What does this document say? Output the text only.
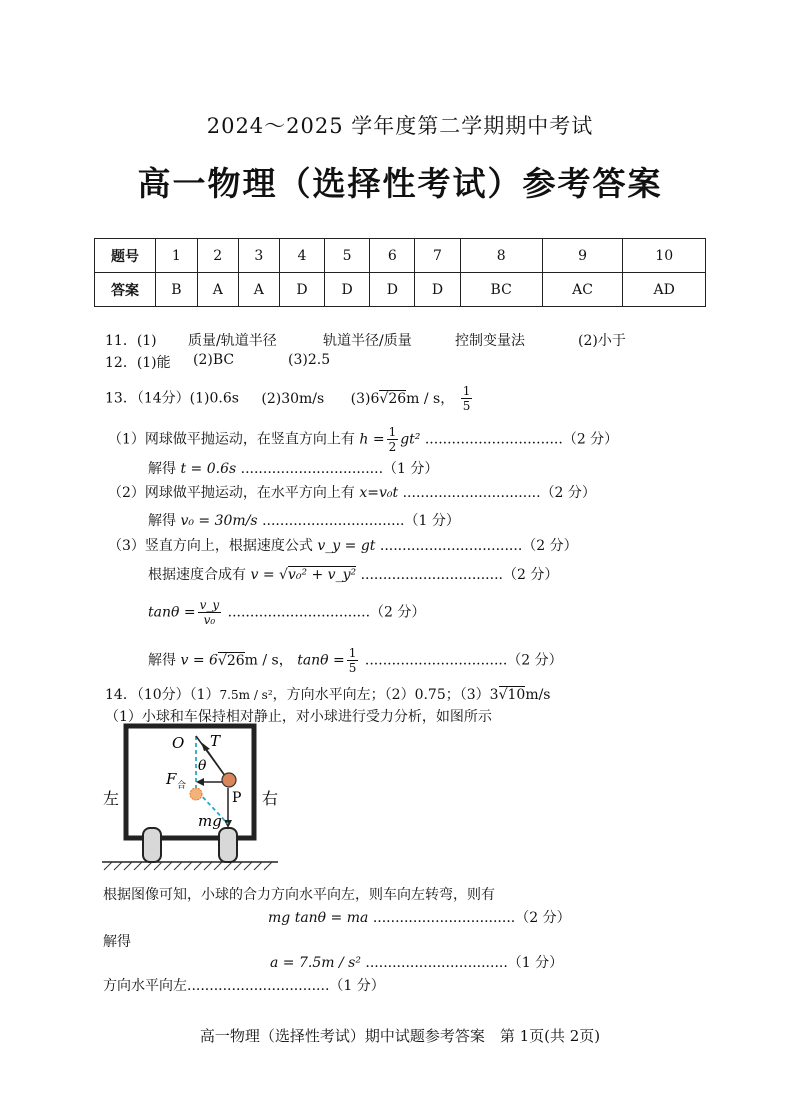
2024～2025 学年度第二学期期中考试
高一物理（选择性考试）参考答案
题号	1	2	3	4	5	6	7	8	9	10
答案	B	A	A	D	D	D	D	BC	AC	AD
11．(1) 质量/轨道半径	轨道半径/质量	控制变量法	(2)小于
12．(1)能 (2)BC	(3)2.5
13．（14分）(1)0.6s (2)30m/s (3)6√26m / s， $\frac{1}{5}$
（1）网球做平抛运动，在竖直方向上有 $h = \frac{1}{2} gt^2$ ...............................（2 分）
解得 t = 0.6s ................................（1 分）
（2）网球做平抛运动，在水平方向上有 x=v₀t ...............................（2 分）
解得 v₀ = 30m/s ................................（1 分）
（3）竖直方向上，根据速度公式 v_y = gt ................................（2 分）
根据速度合成有 v = √v₀² + v_y² ................................（2 分）
$\tan\theta = \frac{v\_y}{\text{v₀}} ................................(2$ 分）
解得 v = 6√26m / s， $\tan\theta = \frac{1}{5} ................................(2$ 分）
14．（10分）（1）7.5m / s²，方向水平向左；（2）0.75；（3）3√10m/s
（1）小球和车保持相对静止，对小球进行受力分析，如图所示
O T
θ
F 合
P
mg
左	右
根据图像可知，小球的合力方向水平向左，则车向左转弯，则有
mg tanθ = ma ................................（2 分）
解得
a = 7.5m / s² ................................（1 分）
方向水平向左................................（1 分）
高一物理（选择性考试）期中试题参考答案　第 1页(共 2页)
